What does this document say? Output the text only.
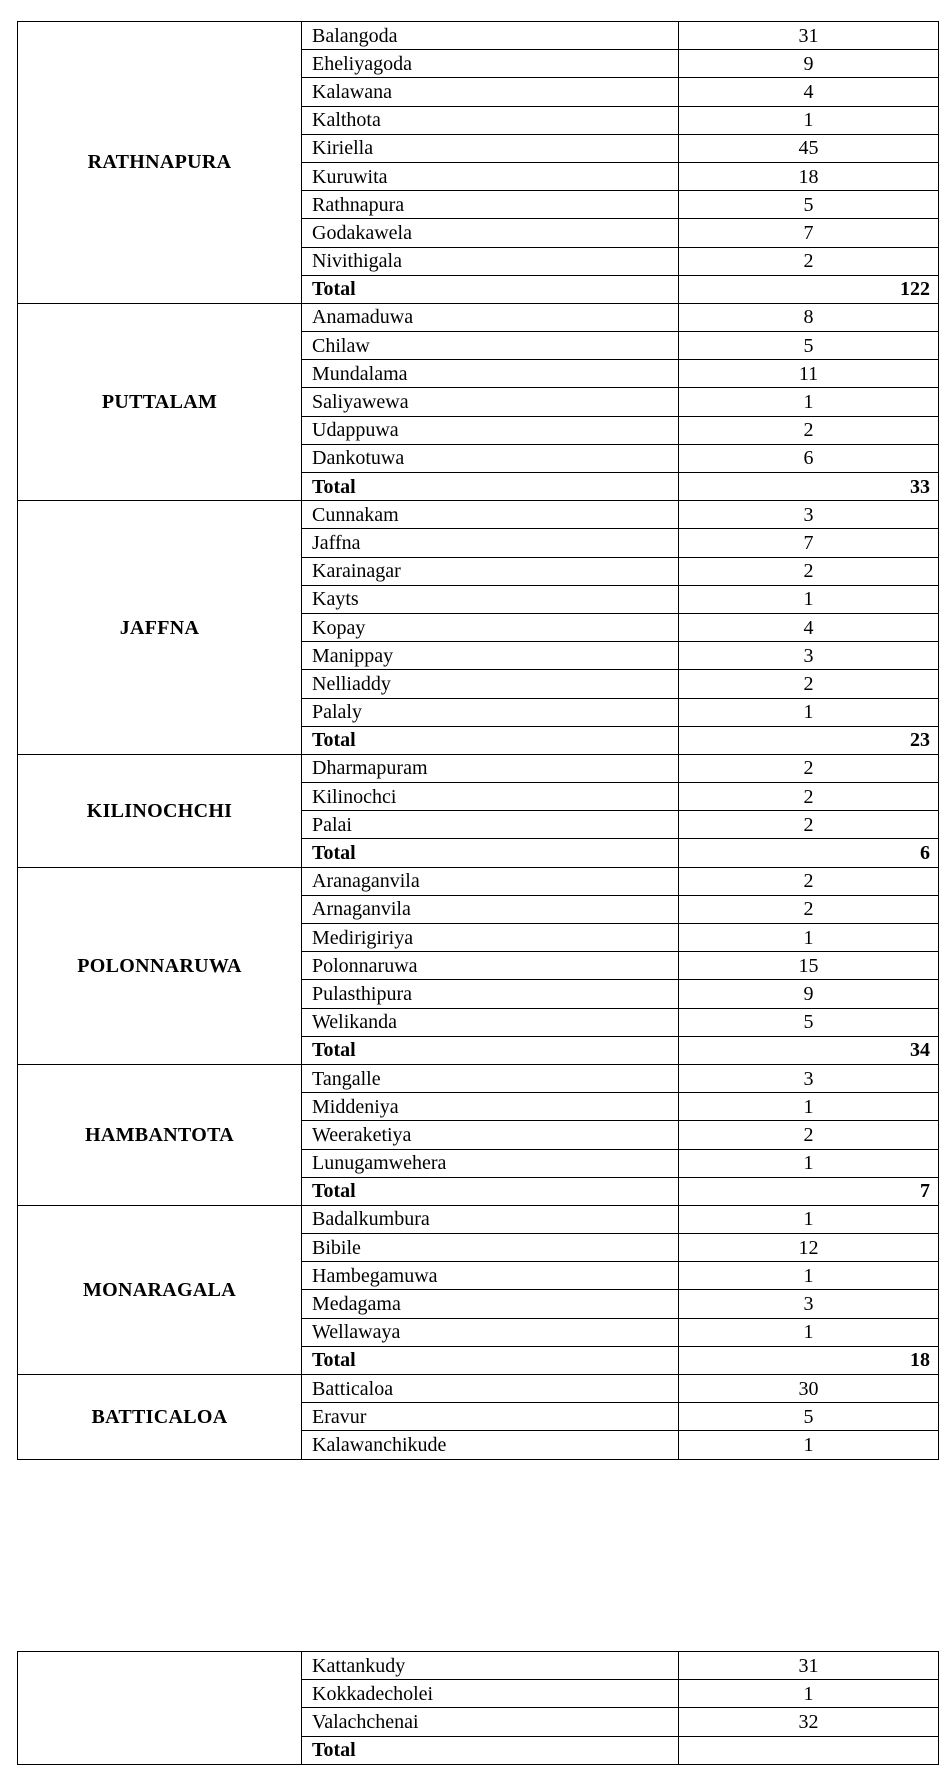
RATHNAPURA	Balangoda	31
	Eheliyagoda	9
	Kalawana	4
	Kalthota	1
	Kiriella	45
	Kuruwita	18
	Rathnapura	5
	Godakawela	7
	Nivithigala	2
	Total	122
PUTTALAM	Anamaduwa	8
	Chilaw	5
	Mundalama	11
	Saliyawewa	1
	Udappuwa	2
	Dankotuwa	6
	Total	33
JAFFNA	Cunnakam	3
	Jaffna	7
	Karainagar	2
	Kayts	1
	Kopay	4
	Manippay	3
	Nelliaddy	2
	Palaly	1
	Total	23
KILINOCHCHI	Dharmapuram	2
	Kilinochci	2
	Palai	2
	Total	6
POLONNARUWA	Aranaganvila	2
	Arnaganvila	2
	Medirigiriya	1
	Polonnaruwa	15
	Pulasthipura	9
	Welikanda	5
	Total	34
HAMBANTOTA	Tangalle	3
	Middeniya	1
	Weeraketiya	2
	Lunugamwehera	1
	Total	7
MONARAGALA	Badalkumbura	1
	Bibile	12
	Hambegamuwa	1
	Medagama	3
	Wellawaya	1
	Total	18
BATTICALOA	Batticaloa	30
	Eravur	5
	Kalawanchikude	1
	Kattankudy	31
	Kokkadecholei	1
	Valachchenai	32
	Total	
